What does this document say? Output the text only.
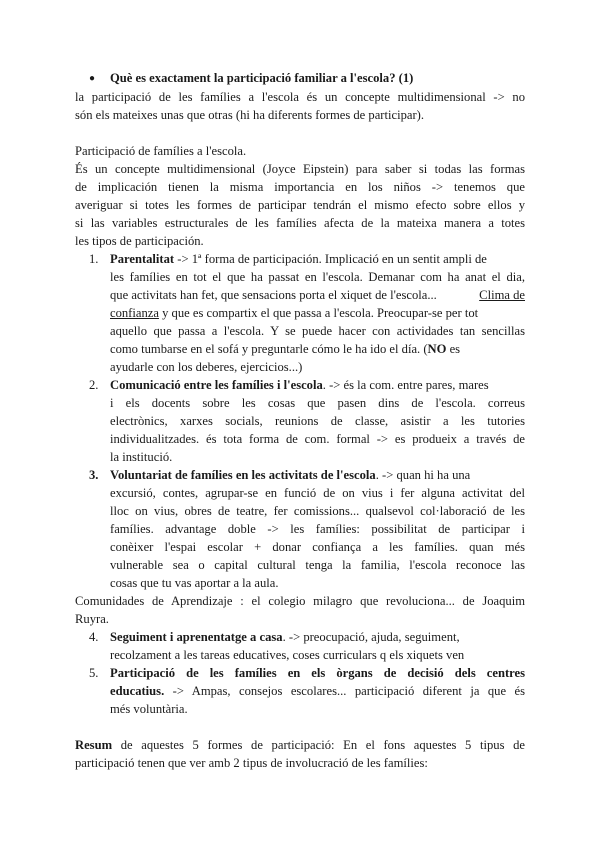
● Què es exactament la participació familiar a l'escola? (1)
la participació de les famílies a l'escola és un concepte multidimensional -> no
són els mateixes unas que otras (hi ha diferents formes de participar).
Participació de famílies a l'escola.
És un concepte multidimensional (Joyce Eipstein) para saber si todas las formas
de implicación tienen la misma importancia en los niños -> tenemos que
averiguar si totes les formes de participar tendrán el mismo efecto sobre ellos y
si las variables estructurales de les famílies afecta de la mateixa manera a totes
les tipos de participación.
1. Parentalitat -> 1ª forma de participación. Implicació en un sentit ampli de
les famílies en tot el que ha passat en l'escola. Demanar com ha anat el dia,
que activitats han fet, que sensacions porta el xiquet de l'escola...	Clima de
confianza y que es compartix el que passa a l'escola. Preocupar-se per tot
aquello que passa a l'escola. Y se puede hacer con actividades tan sencillas
como tumbarse en el sofá y preguntarle cómo le ha ido el día. (NO es
ayudarle con los deberes, ejercicios...)
2. Comunicació entre les famílies i l'escola. -> és la com. entre pares, mares
i els docents sobre les cosas que pasen dins de l'escola. correus
electrònics, xarxes socials, reunions de classe, asistir a les tutories
individualitzades. és tota forma de com. formal -> es produeix a través de
la institució.
3. Voluntariat de famílies en les activitats de l'escola. -> quan hi ha una
excursió, contes, agrupar-se en funció de on vius i fer alguna activitat del
lloc on vius, obres de teatre, fer comissions... qualsevol col·laboració de les
famílies. advantage doble -> les famílies: possibilitat de participar i
conèixer l'espai escolar + donar confiança a les famílies. quan més
vulnerable sea o capital cultural tenga la familia, l'escola reconoce las
cosas que tu vas aportar a la aula.
Comunidades de Aprendizaje : el colegio milagro que revoluciona... de Joaquim
Ruyra.
4. Seguiment i aprenentatge a casa. -> preocupació, ajuda, seguiment,
recolzament a les tareas educatives, coses curriculars q els xiquets ven
5. Participació de les famílies en els òrgans de decisió dels centres
educatius. -> Ampas, consejos escolares... participació diferent ja que és
més voluntària.
Resum de aquestes 5 formes de participació: En el fons aquestes 5 tipus de
participació tenen que ver amb 2 tipus de involucració de les famílies:
